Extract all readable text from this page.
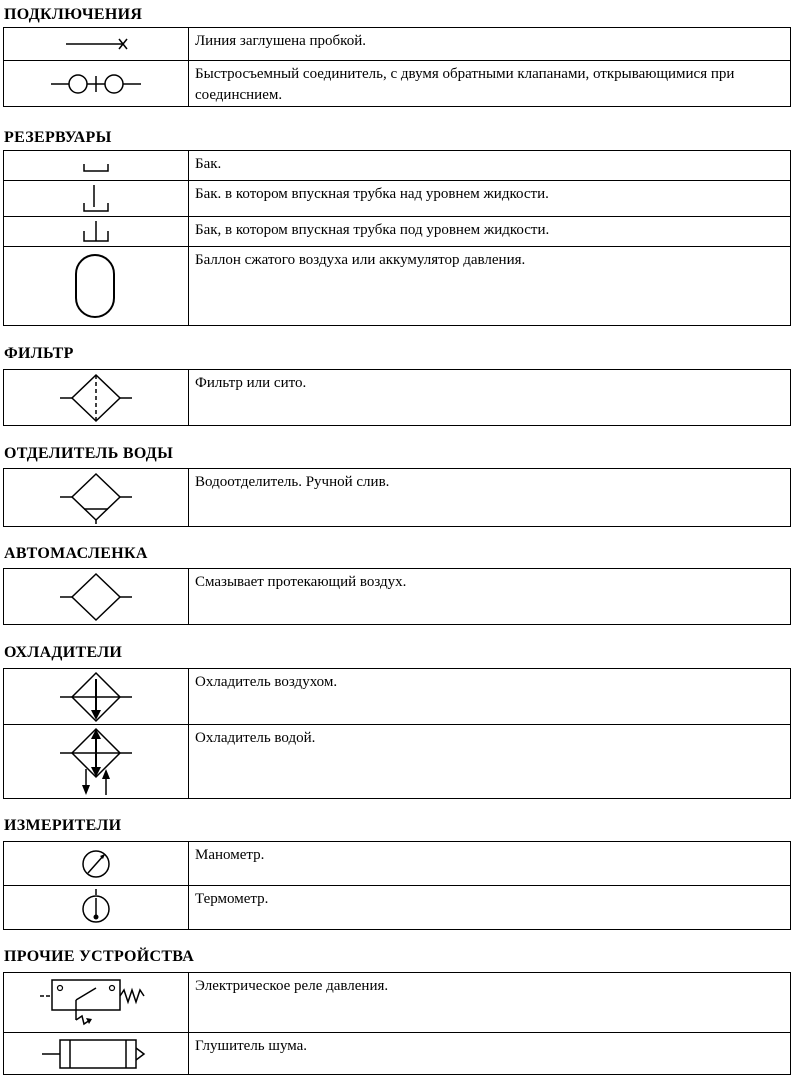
ПОДКЛЮЧЕНИЯ
	Линия заглушена пробкой.

	Быстросъемный соединитель, с двумя обратными клапанами, открывающимися при соединснием.
РЕЗЕРВУАРЫ
	Бак.

	Бак. в котором впускная трубка над уровнем жидкости.

	Бак, в котором впускная трубка под уровнем жидкости.

	Баллон сжатого воздуха или аккумулятор давления.
ФИЛЬТР
	Фильтр или сито.
ОТДЕЛИТЕЛЬ ВОДЫ
	Водоотделитель. Ручной слив.
АВТОМАСЛЕНКА
	Смазывает протекающий воздух.
ОХЛАДИТЕЛИ
	Охладитель воздухом.

	Охладитель водой.
ИЗМЕРИТЕЛИ
	Манометр.

	Термометр.
ПРОЧИЕ УСТРОЙСТВА
	Электрическое реле давления.

	Глушитель шума.
